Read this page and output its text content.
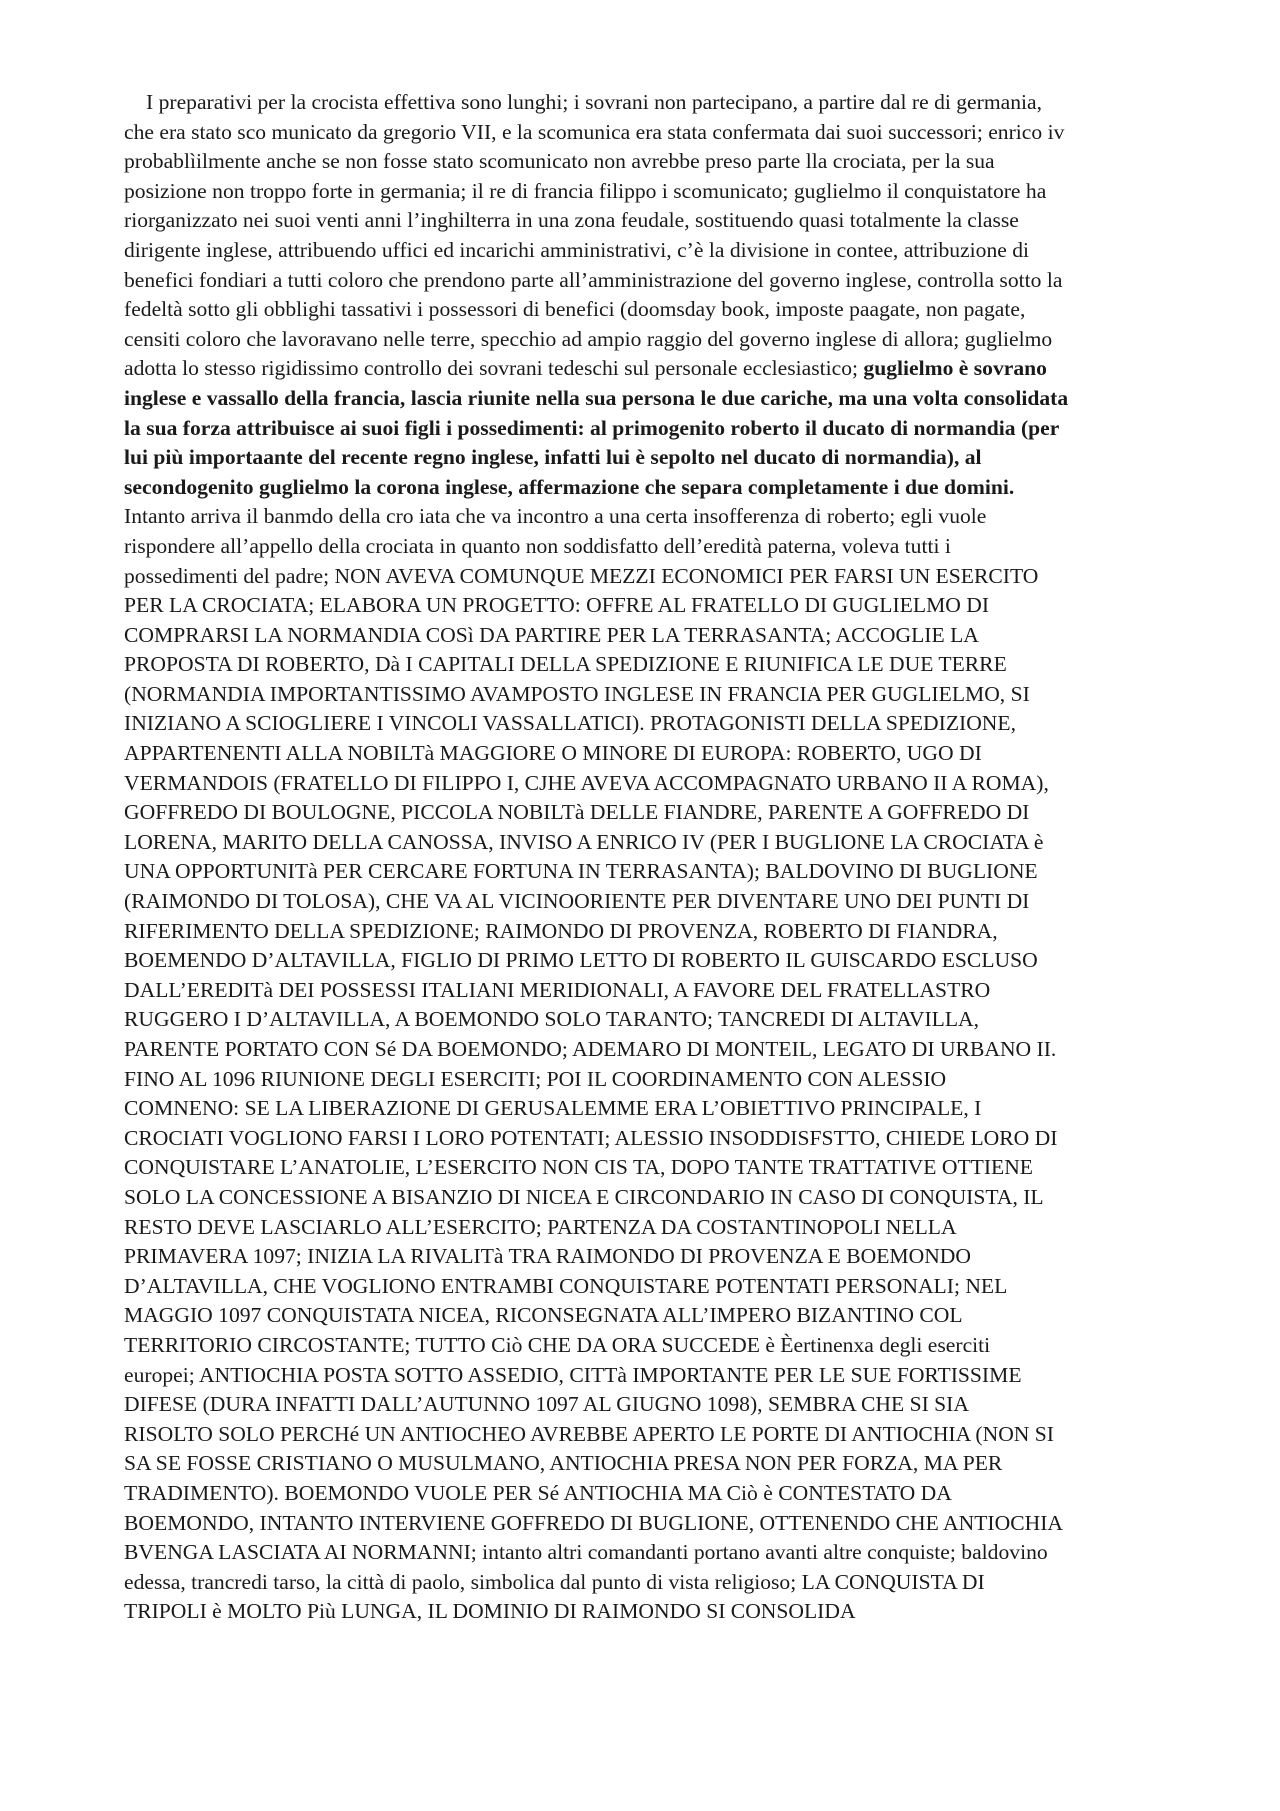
I preparativi per la crocista effettiva sono lunghi; i sovrani non partecipano, a partire dal re di germania,
che era stato sco municato da gregorio VII, e la scomunica era stata confermata dai suoi successori; enrico iv
probablìilmente anche se non fosse stato scomunicato non avrebbe preso parte lla crociata, per la sua
posizione non troppo forte in germania; il re di francia filippo i scomunicato; guglielmo il conquistatore ha
riorganizzato nei suoi venti anni l’inghilterra in una zona feudale, sostituendo quasi totalmente la classe
dirigente inglese, attribuendo uffici ed incarichi amministrativi, c’è la divisione in contee, attribuzione di
benefici fondiari a tutti coloro che prendono parte all’amministrazione del governo inglese, controlla sotto la
fedeltà sotto gli obblighi tassativi i possessori di benefici (doomsday book, imposte paagate, non pagate,
censiti coloro che lavoravano nelle terre, specchio ad ampio raggio del governo inglese di allora; guglielmo
adotta lo stesso rigidissimo controllo dei sovrani tedeschi sul personale ecclesiastico; guglielmo è sovrano
inglese e vassallo della francia, lascia riunite nella sua persona le due cariche, ma una volta consolidata
la sua forza attribuisce ai suoi figli i possedimenti: al primogenito roberto il ducato di normandia (per
lui più importaante del recente regno inglese, infatti lui è sepolto nel ducato di normandia), al
secondogenito guglielmo la corona inglese, affermazione che separa completamente i due domini.
Intanto arriva il banmdo della cro iata che va incontro a una certa insofferenza di roberto; egli vuole
rispondere all’appello della crociata in quanto non soddisfatto dell’eredità paterna, voleva tutti i
possedimenti del padre; NON AVEVA COMUNQUE MEZZI ECONOMICI PER FARSI UN ESERCITO
PER LA CROCIATA; ELABORA UN PROGETTO: OFFRE AL FRATELLO DI GUGLIELMO DI
COMPRARSI LA NORMANDIA COSì DA PARTIRE PER LA TERRASANTA; ACCOGLIE LA
PROPOSTA DI ROBERTO, Dà I CAPITALI DELLA SPEDIZIONE E RIUNIFICA LE DUE TERRE
(NORMANDIA IMPORTANTISSIMO AVAMPOSTO INGLESE IN FRANCIA PER GUGLIELMO, SI
INIZIANO A SCIOGLIERE I VINCOLI VASSALLATICI). PROTAGONISTI DELLA SPEDIZIONE,
APPARTENENTI ALLA NOBILTà MAGGIORE O MINORE DI EUROPA: ROBERTO, UGO DI
VERMANDOIS (FRATELLO DI FILIPPO I, CJHE AVEVA ACCOMPAGNATO URBANO II A ROMA),
GOFFREDO DI BOULOGNE, PICCOLA NOBILTà DELLE FIANDRE, PARENTE A GOFFREDO DI
LORENA, MARITO DELLA CANOSSA, INVISO A ENRICO IV (PER I BUGLIONE LA CROCIATA è
UNA OPPORTUNITà PER CERCARE FORTUNA IN TERRASANTA); BALDOVINO DI BUGLIONE
(RAIMONDO DI TOLOSA), CHE VA AL VICINOORIENTE PER DIVENTARE UNO DEI PUNTI DI
RIFERIMENTO DELLA SPEDIZIONE; RAIMONDO DI PROVENZA, ROBERTO DI FIANDRA,
BOEMENDO D’ALTAVILLA, FIGLIO DI PRIMO LETTO DI ROBERTO IL GUISCARDO ESCLUSO
DALL’EREDITà DEI POSSESSI ITALIANI MERIDIONALI, A FAVORE DEL FRATELLASTRO
RUGGERO I D’ALTAVILLA, A BOEMONDO SOLO TARANTO; TANCREDI DI ALTAVILLA,
PARENTE PORTATO CON Sé DA BOEMONDO; ADEMARO DI MONTEIL, LEGATO DI URBANO II.
FINO AL 1096 RIUNIONE DEGLI ESERCITI; POI IL COORDINAMENTO CON ALESSIO
COMNENO: SE LA LIBERAZIONE DI GERUSALEMME ERA L’OBIETTIVO PRINCIPALE, I
CROCIATI VOGLIONO FARSI I LORO POTENTATI; ALESSIO INSODDISFSTTO, CHIEDE LORO DI
CONQUISTARE L’ANATOLIE, L’ESERCITO NON CIS TA, DOPO TANTE TRATTATIVE OTTIENE
SOLO LA CONCESSIONE A BISANZIO DI NICEA E CIRCONDARIO IN CASO DI CONQUISTA, IL
RESTO DEVE LASCIARLO ALL’ESERCITO; PARTENZA DA COSTANTINOPOLI NELLA
PRIMAVERA 1097; INIZIA LA RIVALITà TRA RAIMONDO DI PROVENZA E BOEMONDO
D’ALTAVILLA, CHE VOGLIONO ENTRAMBI CONQUISTARE POTENTATI PERSONALI; NEL
MAGGIO 1097 CONQUISTATA NICEA, RICONSEGNATA ALL’IMPERO BIZANTINO COL
TERRITORIO CIRCOSTANTE; TUTTO Ciò CHE DA ORA SUCCEDE è Èertinenxa degli eserciti
europei; ANTIOCHIA POSTA SOTTO ASSEDIO, CITTà IMPORTANTE PER LE SUE FORTISSIME
DIFESE (DURA INFATTI DALL’AUTUNNO 1097 AL GIUGNO 1098), SEMBRA CHE SI SIA
RISOLTO SOLO PERCHé UN ANTIOCHEO AVREBBE APERTO LE PORTE DI ANTIOCHIA (NON SI
SA SE FOSSE CRISTIANO O MUSULMANO, ANTIOCHIA PRESA NON PER FORZA, MA PER
TRADIMENTO). BOEMONDO VUOLE PER Sé ANTIOCHIA MA Ciò è CONTESTATO DA
BOEMONDO, INTANTO INTERVIENE GOFFREDO DI BUGLIONE, OTTENENDO CHE ANTIOCHIA
BVENGA LASCIATA AI NORMANNI; intanto altri comandanti portano avanti altre conquiste; baldovino
edessa, trancredi tarso, la città di paolo, simbolica dal punto di vista religioso; LA CONQUISTA DI
TRIPOLI è MOLTO Più LUNGA, IL DOMINIO DI RAIMONDO SI CONSOLIDA
